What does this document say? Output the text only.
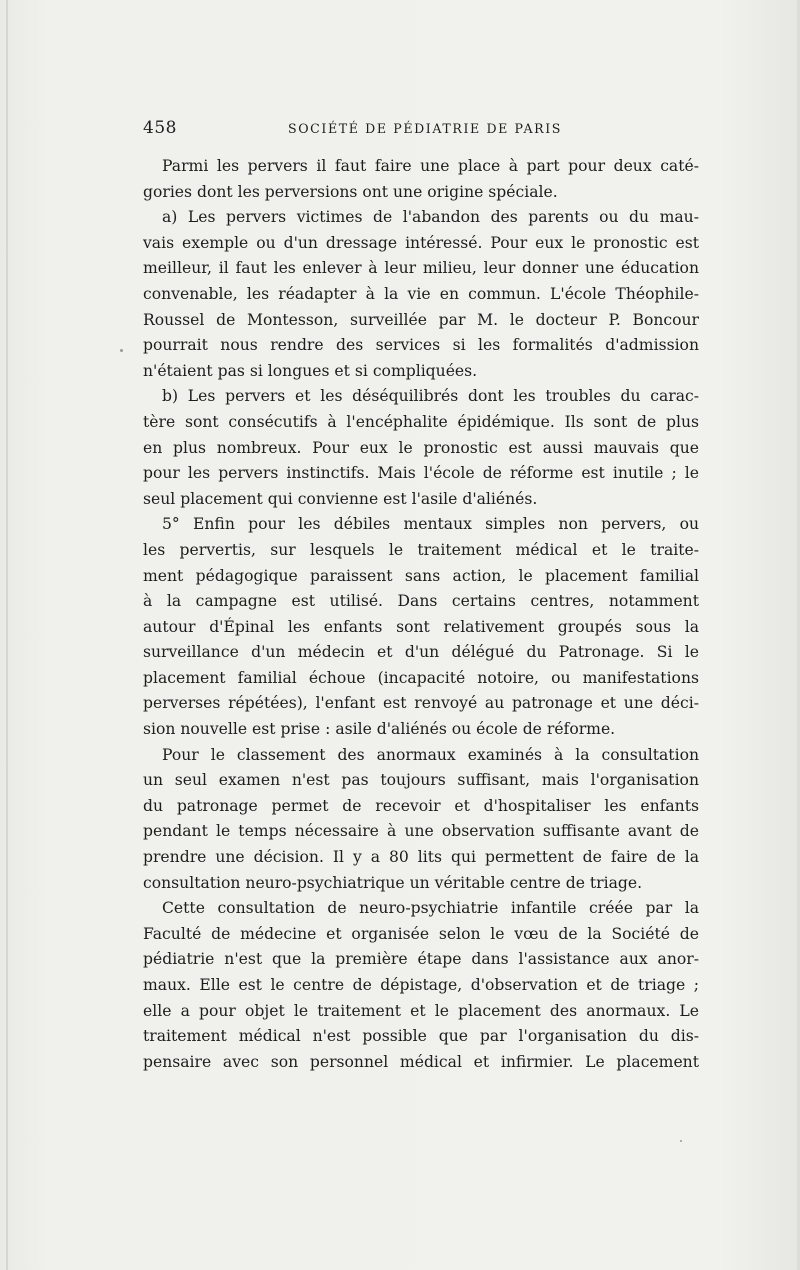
458	SOCIÉTÉ DE PÉDIATRIE DE PARIS
Parmi les pervers il faut faire une place à part pour deux caté-
gories dont les perversions ont une origine spéciale.
a) Les pervers victimes de l'abandon des parents ou du mau-
vais exemple ou d'un dressage intéressé. Pour eux le pronostic est
meilleur, il faut les enlever à leur milieu, leur donner une éducation
convenable, les réadapter à la vie en commun. L'école Théophile-
Roussel de Montesson, surveillée par M. le docteur P. Boncour
pourrait nous rendre des services si les formalités d'admission
n'étaient pas si longues et si compliquées.
b) Les pervers et les déséquilibrés dont les troubles du carac-
tère sont consécutifs à l'encéphalite épidémique. Ils sont de plus
en plus nombreux. Pour eux le pronostic est aussi mauvais que
pour les pervers instinctifs. Mais l'école de réforme est inutile ; le
seul placement qui convienne est l'asile d'aliénés.
5° Enfin pour les débiles mentaux simples non pervers, ou
les pervertis, sur lesquels le traitement médical et le traite-
ment pédagogique paraissent sans action, le placement familial
à la campagne est utilisé. Dans certains centres, notamment
autour d'Épinal les enfants sont relativement groupés sous la
surveillance d'un médecin et d'un délégué du Patronage. Si le
placement familial échoue (incapacité notoire, ou manifestations
perverses répétées), l'enfant est renvoyé au patronage et une déci-
sion nouvelle est prise : asile d'aliénés ou école de réforme.
Pour le classement des anormaux examinés à la consultation
un seul examen n'est pas toujours suffisant, mais l'organisation
du patronage permet de recevoir et d'hospitaliser les enfants
pendant le temps nécessaire à une observation suffisante avant de
prendre une décision. Il y a 80 lits qui permettent de faire de la
consultation neuro-psychiatrique un véritable centre de triage.
Cette consultation de neuro-psychiatrie infantile créée par la
Faculté de médecine et organisée selon le vœu de la Société de
pédiatrie n'est que la première étape dans l'assistance aux anor-
maux. Elle est le centre de dépistage, d'observation et de triage ;
elle a pour objet le traitement et le placement des anormaux. Le
traitement médical n'est possible que par l'organisation du dis-
pensaire avec son personnel médical et infirmier. Le placement
